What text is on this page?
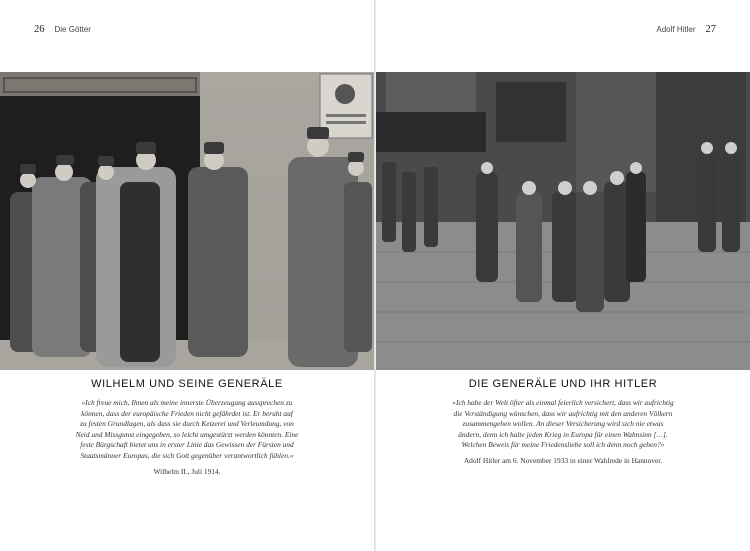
26 Die Götter
WILHELM UND SEINE GENERÄLE

»Ich freue mich, Ihnen als meine innerste Überzeugung aussprechen zu
können, dass der europäische Frieden nicht gefährdet ist. Er beruht auf
zu festen Grundlagen, als dass sie durch Ketzerei und Verleumdung, von
Neid und Missgunst eingegeben, so leicht umgestürzt werden könnten. Eine
feste Bürgschaft bietet uns in erster Linie das Gewissen der Fürsten und
Staatsmänner Europas, die sich Gott gegenüber verantwortlich fühlen.«

Wilhelm II., Juli 1914.
Adolf Hitler 27
DIE GENERÄLE UND IHR HITLER

»Ich habe der Welt öfter als einmal feierlich versichert, dass wir aufrichtig
die Verständigung wünschen, dass wir aufrichtig mit den anderen Völkern
zusammengehen wollen. An dieser Versicherung wird sich nie etwas
ändern, denn ich halte jeden Krieg in Europa für einen Wahnsinn […].
Welchen Beweis für meine Friedensliebe soll ich denn noch geben?«

Adolf Hitler am 6. November 1933 in einer Wahlrede in Hannover.
